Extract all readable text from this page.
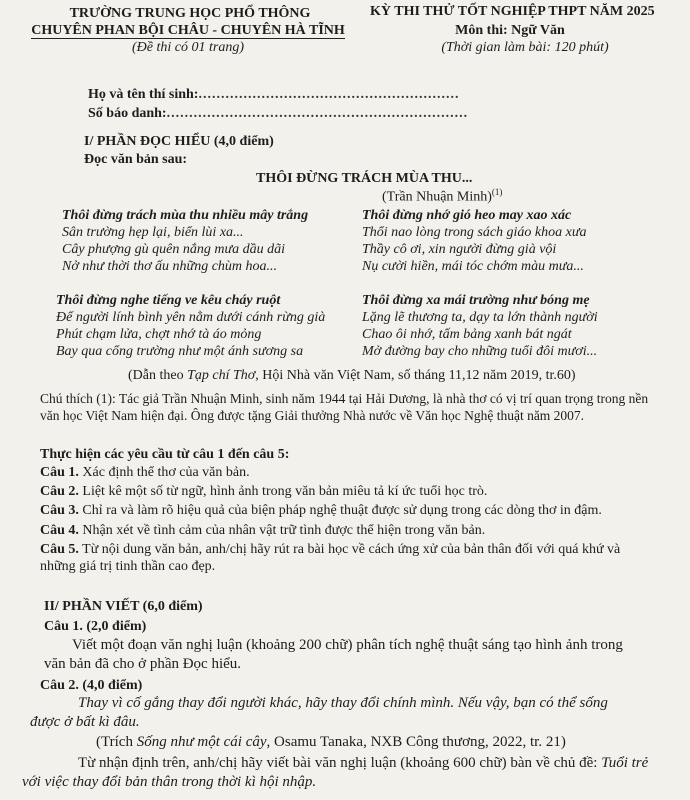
TRƯỜNG TRUNG HỌC PHỔ THÔNG
CHUYÊN PHAN BỘI CHÂU - CHUYÊN HÀ TĨNH
(Đề thi có 01 trang)
KỲ THI THỬ TỐT NGHIỆP THPT NĂM 2025
Môn thi: Ngữ Văn
(Thời gian làm bài: 120 phút)
Họ và tên thí sinh:..........................................................
Số báo danh:...................................................................
I/ PHẦN ĐỌC HIỂU (4,0 điểm)
Đọc văn bản sau:
THÔI ĐỪNG TRÁCH MÙA THU...
(Trần Nhuận Minh)$^{(1)}$
Thôi đừng trách mùa thu nhiều mây trắng
Sân trường hẹp lại, biển lùi xa...
Cây phượng gù quên nắng mưa dầu dãi
Nở như thời thơ ấu những chùm hoa...
Thôi đừng nhớ gió heo may xao xác
Thổi nao lòng trong sách giáo khoa xưa
Thầy cô ơi, xin người đừng già vội
Nụ cười hiền, mái tóc chớm màu mưa...
Thôi đừng nghe tiếng ve kêu cháy ruột
Để người lính bình yên nằm dưới cánh rừng già
Phút chạm lửa, chợt nhớ tà áo mỏng
Bay qua cổng trường như một ánh sương sa
Thôi đừng xa mái trường như bóng mẹ
Lặng lẽ thương ta, dạy ta lớn thành người
Chao ôi nhớ, tấm bảng xanh bát ngát
Mở đường bay cho những tuổi đôi mươi...
(Dẫn theo Tạp chí Thơ, Hội Nhà văn Việt Nam, số tháng 11,12 năm 2019, tr.60)
Chú thích (1): Tác giả Trần Nhuận Minh, sinh năm 1944 tại Hải Dương, là nhà thơ có vị trí quan trọng trong nền văn học Việt Nam hiện đại. Ông được tặng Giải thưởng Nhà nước về Văn học Nghệ thuật năm 2007.
Thực hiện các yêu cầu từ câu 1 đến câu 5:
Câu 1. Xác định thể thơ của văn bản.
Câu 2. Liệt kê một số từ ngữ, hình ảnh trong văn bản miêu tả kí ức tuổi học trò.
Câu 3. Chỉ ra và làm rõ hiệu quả của biện pháp nghệ thuật được sử dụng trong các dòng thơ in đậm.
Câu 4. Nhận xét về tình cảm của nhân vật trữ tình được thể hiện trong văn bản.
Câu 5. Từ nội dung văn bản, anh/chị hãy rút ra bài học về cách ứng xử của bản thân đối với quá khứ và những giá trị tinh thần cao đẹp.
II/ PHẦN VIẾT (6,0 điểm)
Câu 1. (2,0 điểm)
Viết một đoạn văn nghị luận (khoảng 200 chữ) phân tích nghệ thuật sáng tạo hình ảnh trong văn bản đã cho ở phần Đọc hiểu.
Câu 2. (4,0 điểm)
Thay vì cố gắng thay đổi người khác, hãy thay đổi chính mình. Nếu vậy, bạn có thể sống được ở bất kì đâu.
(Trích Sống như một cái cây, Osamu Tanaka, NXB Công thương, 2022, tr. 21)
Từ nhận định trên, anh/chị hãy viết bài văn nghị luận (khoảng 600 chữ) bàn về chủ đề: Tuổi trẻ với việc thay đổi bản thân trong thời kì hội nhập.
